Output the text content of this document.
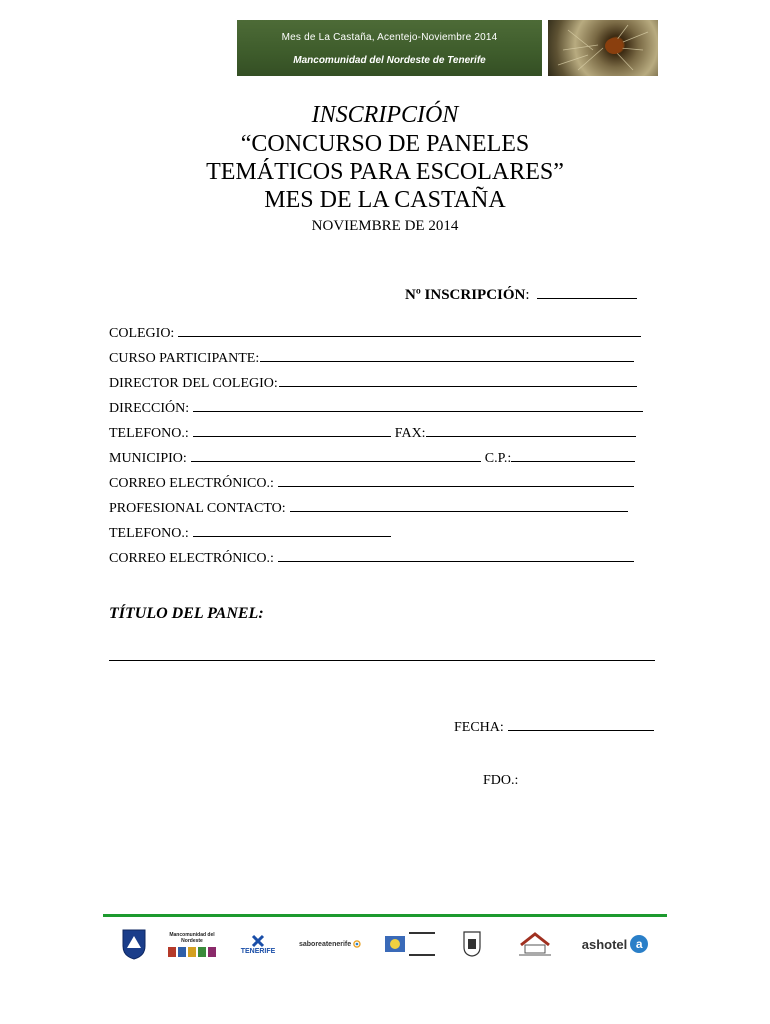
Mes de La Castaña, Acentejo-Noviembre 2014
Mancomunidad del Nordeste de Tenerife
INSCRIPCIÓN
“CONCURSO DE PANELES
TEMÁTICOS PARA ESCOLARES”
MES DE LA CASTAÑA
NOVIEMBRE DE 2014
Nº INSCRIPCIÓN:
COLEGIO:
CURSO PARTICIPANTE:
DIRECTOR DEL COLEGIO:
DIRECCIÓN:
TELEFONO.:	FAX:
MUNICIPIO:	C.P.:
CORREO ELECTRÓNICO.:
PROFESIONAL CONTACTO:
TELEFONO.:
CORREO ELECTRÓNICO.:
TÍTULO DEL PANEL:
FECHA:
FDO.:
Mancomunidad del Nordeste
TENERIFE
saboreatenerife	ashotel a
